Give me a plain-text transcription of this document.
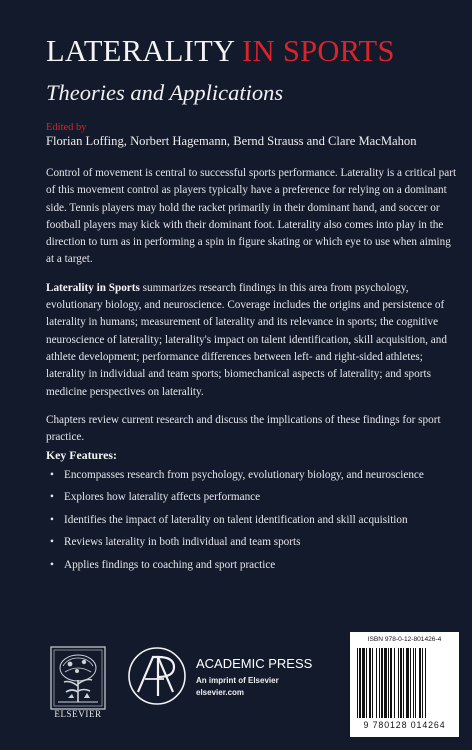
LATERALITY IN SPORTS
Theories and Applications
Edited by
Florian Loffing, Norbert Hagemann, Bernd Strauss and Clare MacMahon

Control of movement is central to successful sports performance. Laterality is a critical part of this movement control as players typically have a preference for relying on a dominant side. Tennis players may hold the racket primarily in their dominant hand, and soccer or football players may kick with their dominant foot. Laterality also comes into play in the direction to turn as in performing a spin in figure skating or which eye to use when aiming at a target.

Laterality in Sports summarizes research findings in this area from psychology, evolutionary biology, and neuroscience. Coverage includes the origins and persistence of laterality in humans; measurement of laterality and its relevance in sports; the cognitive neuroscience of laterality; laterality's impact on talent identification, skill acquisition, and athlete development; performance differences between left- and right-sided athletes; laterality in individual and team sports; biomechanical aspects of laterality; and sports medicine perspectives on laterality.

Chapters review current research and discuss the implications of these findings for sport practice.

Key Features:
• Encompasses research from psychology, evolutionary biology, and neuroscience
• Explores how laterality affects performance
• Identifies the impact of laterality on talent identification and skill acquisition
• Reviews laterality in both individual and team sports
• Applies findings to coaching and sport practice
ELSEVIER
ACADEMIC PRESS
An imprint of Elsevier
elsevier.com
ISBN 978-0-12-801426-4
9 780128 014264
